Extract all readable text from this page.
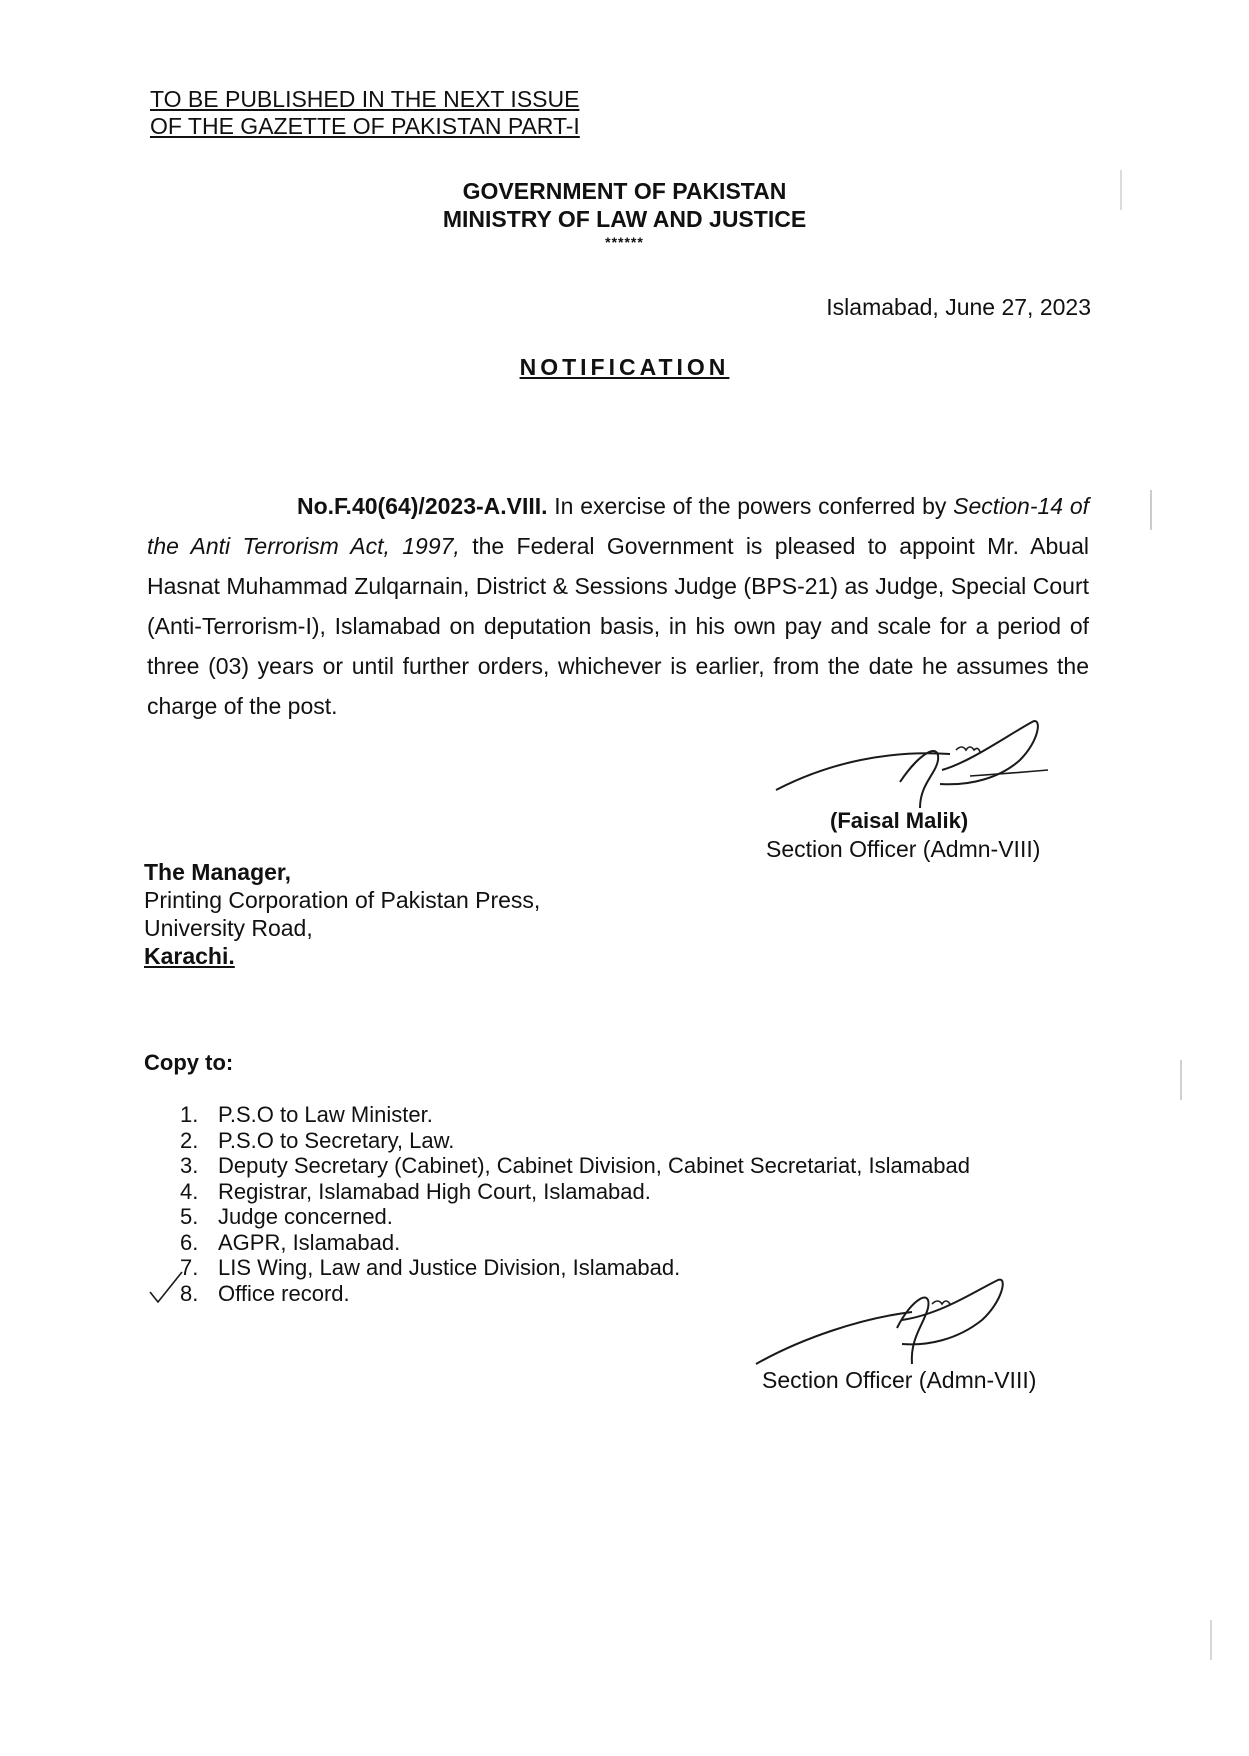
TO BE PUBLISHED IN THE NEXT ISSUE
OF THE GAZETTE OF PAKISTAN PART-I
GOVERNMENT OF PAKISTAN
MINISTRY OF LAW AND JUSTICE
******
Islamabad, June 27, 2023
NOTIFICATION
No.F.40(64)/2023-A.VIII. In exercise of the powers conferred by Section-14 of the Anti Terrorism Act, 1997, the Federal Government is pleased to appoint Mr. Abual Hasnat Muhammad Zulqarnain, District & Sessions Judge (BPS-21) as Judge, Special Court (Anti-Terrorism-I), Islamabad on deputation basis, in his own pay and scale for a period of three (03) years or until further orders, whichever is earlier, from the date he assumes the charge of the post.
(Faisal Malik)
Section Officer (Admn-VIII)
The Manager,
Printing Corporation of Pakistan Press,
University Road,
Karachi.
Copy to:
1. P.S.O to Law Minister.
2. P.S.O to Secretary, Law.
3. Deputy Secretary (Cabinet), Cabinet Division, Cabinet Secretariat, Islamabad
4. Registrar, Islamabad High Court, Islamabad.
5. Judge concerned.
6. AGPR, Islamabad.
7. LIS Wing, Law and Justice Division, Islamabad.
8. Office record.
Section Officer (Admn-VIII)
